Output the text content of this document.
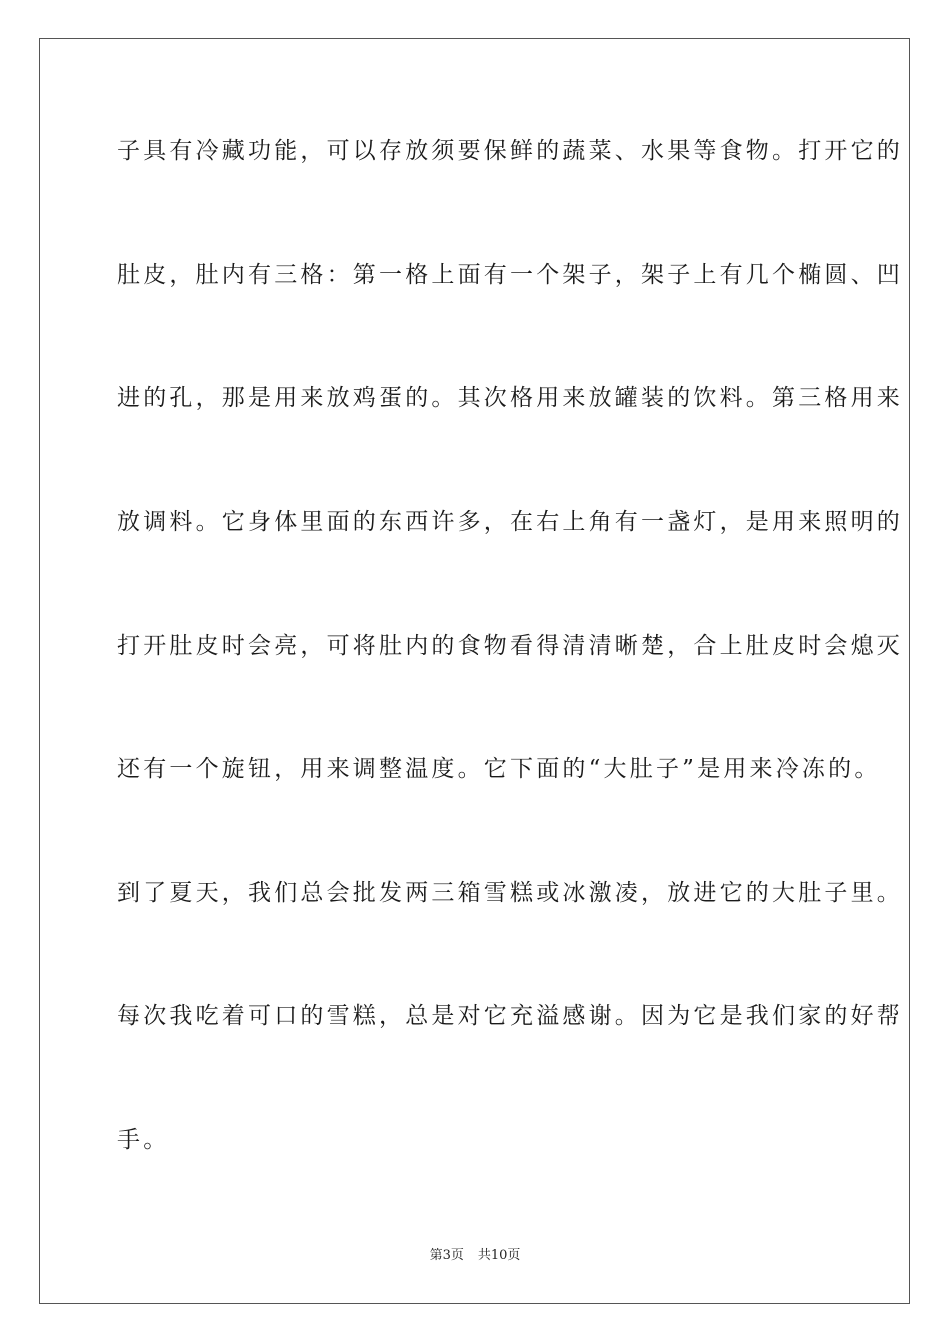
子具有冷藏功能，可以存放须要保鲜的蔬菜、水果等食物。打开它的
肚皮，肚内有三格：第一格上面有一个架子，架子上有几个椭圆、凹
进的孔，那是用来放鸡蛋的。其次格用来放罐装的饮料。第三格用来
放调料。它身体里面的东西许多，在右上角有一盏灯，是用来照明的
打开肚皮时会亮，可将肚内的食物看得清清晰楚，合上肚皮时会熄灭
还有一个旋钮，用来调整温度。它下面的“大肚子”是用来冷冻的。
到了夏天，我们总会批发两三箱雪糕或冰激凌，放进它的大肚子里。
每次我吃着可口的雪糕，总是对它充溢感谢。因为它是我们家的好帮
手。
第3页 共10页
